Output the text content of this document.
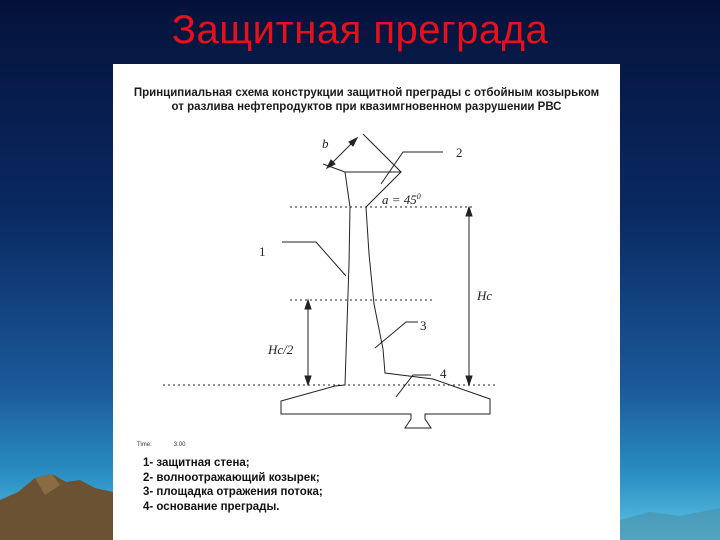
Защитная преграда
Принципиальная схема конструкции защитной преграды с отбойным козырьком
от разлива нефтепродуктов при квазимгновенном разрушении РВС
b
2
$a = 45^0$
1
Hc
3
Hc/2
4
Time:	3.00
1- защитная стена;
2- волноотражающий козырек;
3- площадка отражения потока;
4- основание преграды.
